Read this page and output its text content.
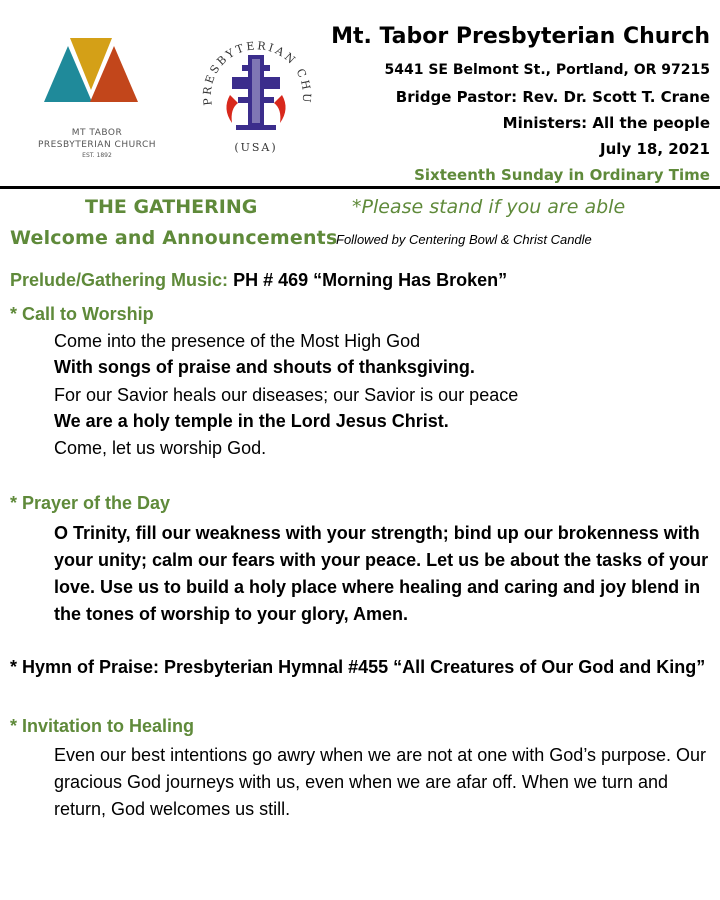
MT TABOR
PRESBYTERIAN CHURCH
EST. 1892
PRESBYTERIAN CHU
(USA)
Mt. Tabor Presbyterian Church
5441 SE Belmont St., Portland, OR 97215
Bridge Pastor: Rev. Dr. Scott T. Crane
Ministers: All the people
July 18, 2021
Sixteenth Sunday in Ordinary Time
THE GATHERING	*Please stand if you are able
Welcome and Announcements
Followed by Centering Bowl & Christ Candle
Prelude/Gathering Music: PH # 469 “Morning Has Broken”
* Call to Worship
Come into the presence of the Most High God
With songs of praise and shouts of thanksgiving.
For our Savior heals our diseases; our Savior is our peace
We are a holy temple in the Lord Jesus Christ.
Come, let us worship God.
* Prayer of the Day
O Trinity, fill our weakness with your strength; bind up our brokenness with your unity; calm our fears with your peace. Let us be about the tasks of your love. Use us to build a holy place where healing and caring and joy blend in the tones of worship to your glory, Amen.
* Hymn of Praise: Presbyterian Hymnal #455 “All Creatures of Our God and King”
* Invitation to Healing
Even our best intentions go awry when we are not at one with God’s purpose. Our gracious God journeys with us, even when we are afar off. When we turn and return, God welcomes us still.
